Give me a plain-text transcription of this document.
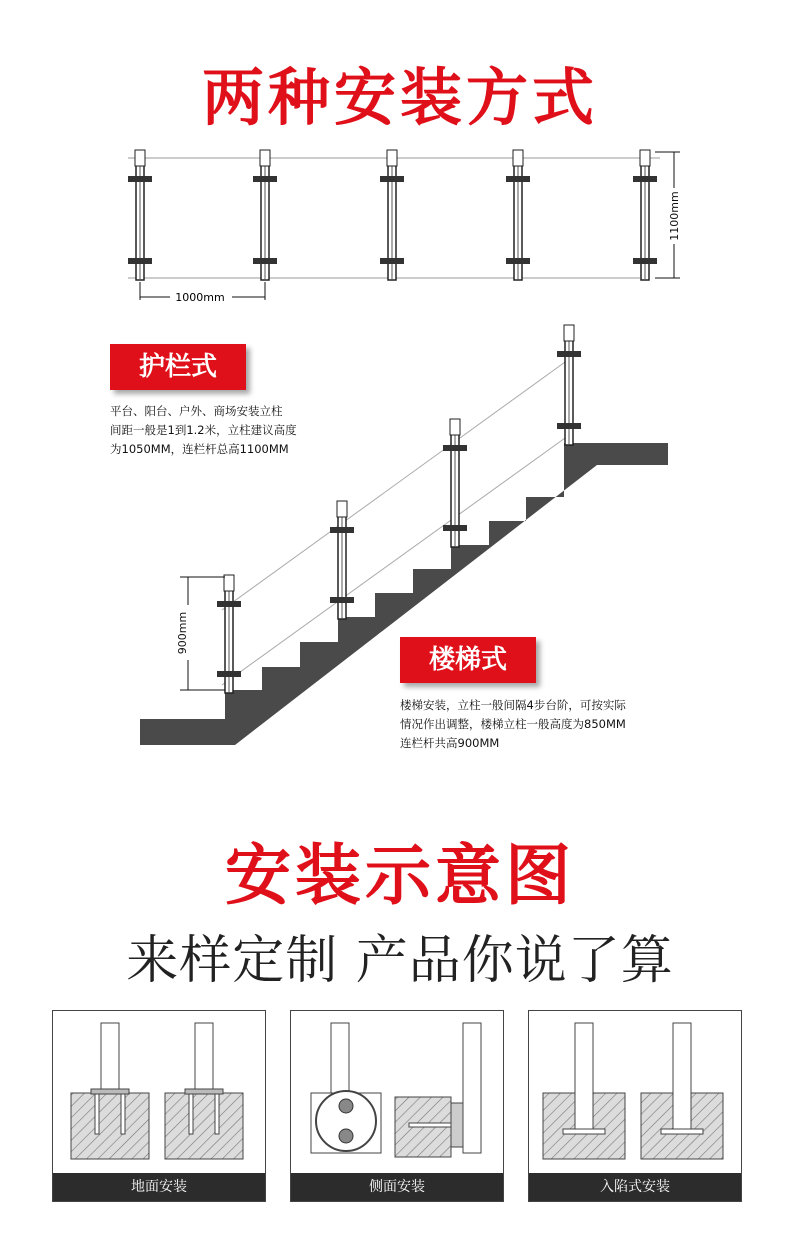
两种安装方式
1000mm
1100mm
护栏式
平台、阳台、户外、商场安装立柱
间距一般是1到1.2米，立柱建议高度
为1050MM，连栏杆总高1100MM
900mm
楼梯式
楼梯安装，立柱一般间隔4步台阶，可按实际
情况作出调整，楼梯立柱一般高度为850MM
连栏杆共高900MM
安装示意图
来样定制 产品你说了算
地面安装	侧面安装	入陷式安装
